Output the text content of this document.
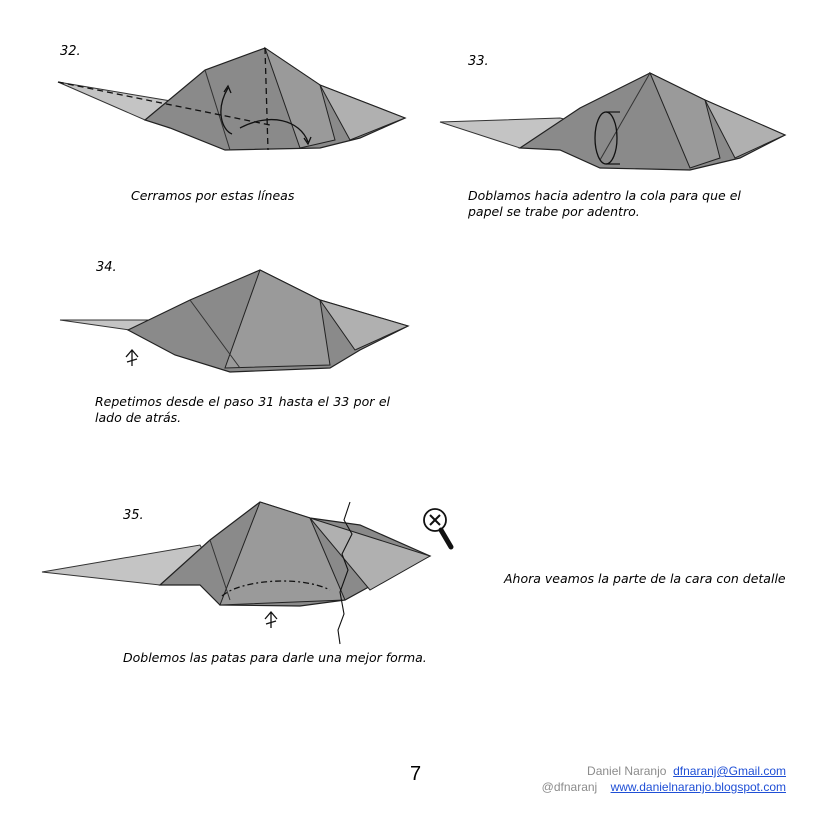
32.
Cerramos por estas líneas
33.
Doblamos hacia adentro la cola para que el papel se trabe por adentro.
34.
Repetimos desde el paso 31 hasta el 33 por el
lado de atrás.
35.
Doblemos las patas para darle una mejor forma.
Ahora veamos la parte de la cara con detalle
7	Daniel Naranjo dfnaranj@Gmail.com
@dfnaranj www.danielnaranjo.blogspot.com
